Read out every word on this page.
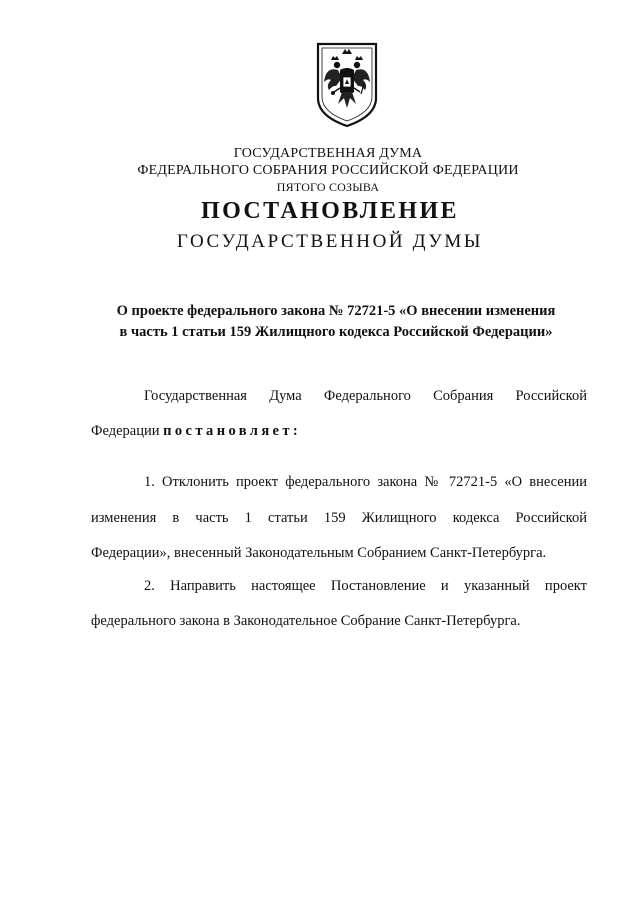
ГОСУДАРСТВЕННАЯ ДУМА
ФЕДЕРАЛЬНОГО СОБРАНИЯ РОССИЙСКОЙ ФЕДЕРАЦИИ
ПЯТОГО СОЗЫВА
ПОСТАНОВЛЕНИЕ
ГОСУДАРСТВЕННОЙ ДУМЫ
О проекте федерального закона № 72721-5 «О внесении изменения
в часть 1 статьи 159 Жилищного кодекса Российской Федерации»
Государственная Дума Федерального Собрания Российской
Федерации постановляет:
1. Отклонить проект федерального закона № 72721-5 «О внесении
изменения в часть 1 статьи 159 Жилищного кодекса Российской
Федерации», внесенный Законодательным Собранием Санкт-Петербурга.
2. Направить настоящее Постановление и указанный проект
федерального закона в Законодательное Собрание Санкт-Петербурга.
